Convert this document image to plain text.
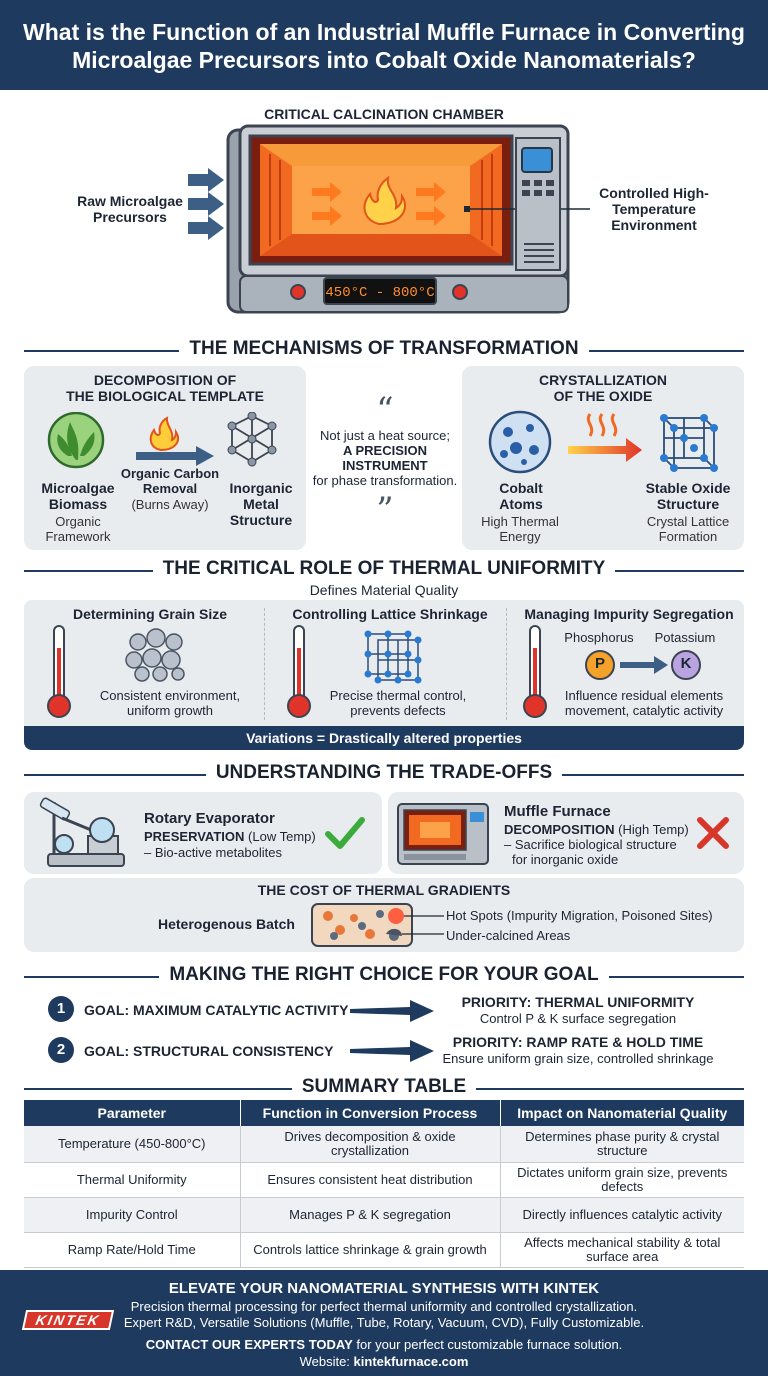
What is the Function of an Industrial Muffle Furnace in Converting
Microalgae Precursors into Cobalt Oxide Nanomaterials?
CRITICAL CALCINATION CHAMBER
Raw Microalgae Precursors
Controlled High-Temperature Environment
450°C - 800°C
THE MECHANISMS OF TRANSFORMATION
DECOMPOSITION OF
THE BIOLOGICAL TEMPLATE
Microalgae Biomass
Organic Framework
Organic Carbon Removal
(Burns Away)
Inorganic Metal Structure
“
Not just a heat source;
A PRECISION INSTRUMENT
for phase transformation.
”
CRYSTALLIZATION
OF THE OXIDE
Cobalt Atoms
High Thermal Energy
Stable Oxide Structure
Crystal Lattice Formation
THE CRITICAL ROLE OF THERMAL UNIFORMITY
Defines Material Quality
Determining Grain Size	Controlling Lattice Shrinkage	Managing Impurity Segregation
Phosphorus	Potassium
P	K
Consistent environment, uniform growth
Precise thermal control, prevents defects
Influence residual elements movement, catalytic activity
Variations = Drastically altered properties
UNDERSTANDING THE TRADE-OFFS
Rotary Evaporator
PRESERVATION (Low Temp)
– Bio-active metabolites
Muffle Furnace
DECOMPOSITION (High Temp)
– Sacrifice biological structure
for inorganic oxide
THE COST OF THERMAL GRADIENTS
Heterogenous Batch
Hot Spots (Impurity Migration, Poisoned Sites)
Under-calcined Areas
MAKING THE RIGHT CHOICE FOR YOUR GOAL
1	GOAL: MAXIMUM CATALYTIC ACTIVITY	PRIORITY: THERMAL UNIFORMITY
Control P & K surface segregation
2	GOAL: STRUCTURAL CONSISTENCY
PRIORITY: RAMP RATE & HOLD TIME
Ensure uniform grain size, controlled shrinkage
SUMMARY TABLE
Parameter	Function in Conversion Process	Impact on Nanomaterial Quality
Temperature (450-800°C)	Drives decomposition & oxide crystallization	Determines phase purity & crystal structure
Thermal Uniformity	Ensures consistent heat distribution	Dictates uniform grain size, prevents defects
Impurity Control	Manages P & K segregation	Directly influences catalytic activity
Ramp Rate/Hold Time	Controls lattice shrinkage & grain growth	Affects mechanical stability & total surface area
ELEVATE YOUR NANOMATERIAL SYNTHESIS WITH KINTEK
Precision thermal processing for perfect thermal uniformity and controlled crystallization.
Expert R&D, Versatile Solutions (Muffle, Tube, Rotary, Vacuum, CVD), Fully Customizable.
CONTACT OUR EXPERTS TODAY for your perfect customizable furnace solution.
Website: kintekfurnace.com
KINTEK
